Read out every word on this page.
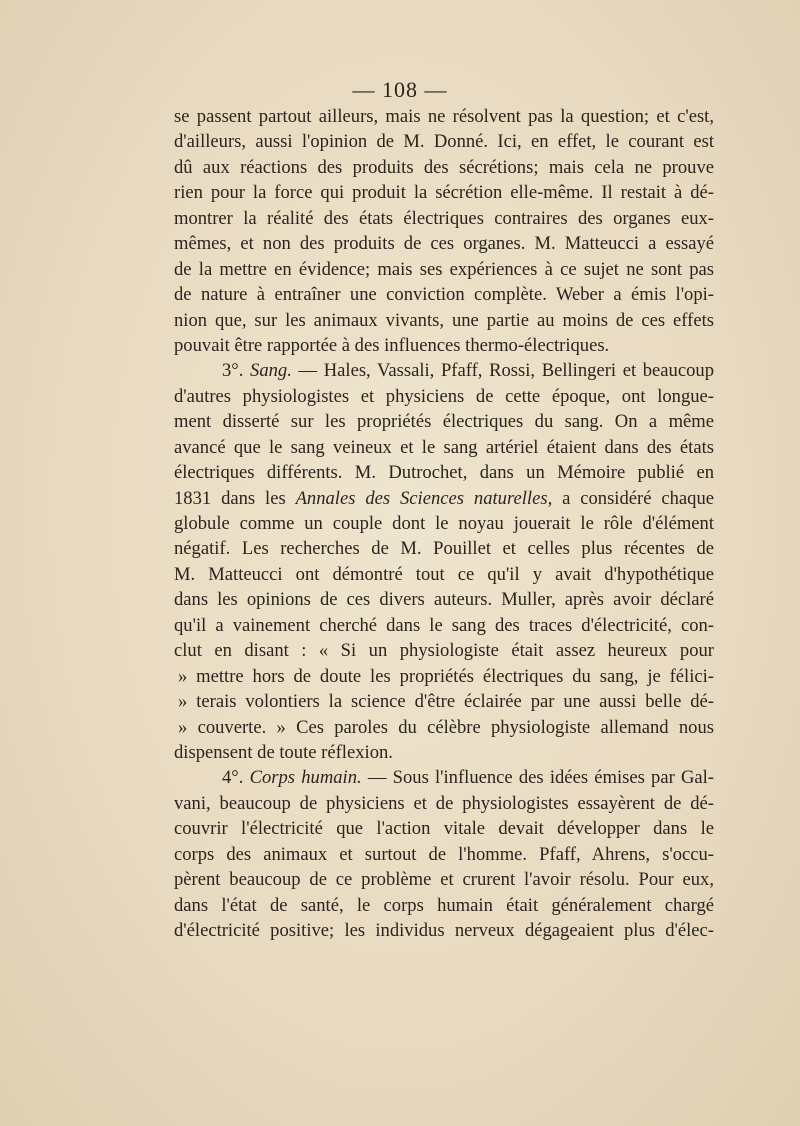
— 108 —
se passent partout ailleurs, mais ne résolvent pas la question; et c'est,
d'ailleurs, aussi l'opinion de M. Donné. Ici, en effet, le courant est
dû aux réactions des produits des sécrétions; mais cela ne prouve
rien pour la force qui produit la sécrétion elle-même. Il restait à dé-
montrer la réalité des états électriques contraires des organes eux-
mêmes, et non des produits de ces organes. M. Matteucci a essayé
de la mettre en évidence; mais ses expériences à ce sujet ne sont pas
de nature à entraîner une conviction complète. Weber a émis l'opi-
nion que, sur les animaux vivants, une partie au moins de ces effets
pouvait être rapportée à des influences thermo-électriques.
3°. Sang. — Hales, Vassali, Pfaff, Rossi, Bellingeri et beaucoup
d'autres physiologistes et physiciens de cette époque, ont longue-
ment disserté sur les propriétés électriques du sang. On a même
avancé que le sang veineux et le sang artériel étaient dans des états
électriques différents. M. Dutrochet, dans un Mémoire publié en
1831 dans les Annales des Sciences naturelles, a considéré chaque
globule comme un couple dont le noyau jouerait le rôle d'élément
négatif. Les recherches de M. Pouillet et celles plus récentes de
M. Matteucci ont démontré tout ce qu'il y avait d'hypothétique
dans les opinions de ces divers auteurs. Muller, après avoir déclaré
qu'il a vainement cherché dans le sang des traces d'électricité, con-
clut en disant : « Si un physiologiste était assez heureux pour
» mettre hors de doute les propriétés électriques du sang, je félici-
» terais volontiers la science d'être éclairée par une aussi belle dé-
» couverte. » Ces paroles du célèbre physiologiste allemand nous
dispensent de toute réflexion.
4°. Corps humain. — Sous l'influence des idées émises par Gal-
vani, beaucoup de physiciens et de physiologistes essayèrent de dé-
couvrir l'électricité que l'action vitale devait développer dans le
corps des animaux et surtout de l'homme. Pfaff, Ahrens, s'occu-
pèrent beaucoup de ce problème et crurent l'avoir résolu. Pour eux,
dans l'état de santé, le corps humain était généralement chargé
d'électricité positive; les individus nerveux dégageaient plus d'élec-
